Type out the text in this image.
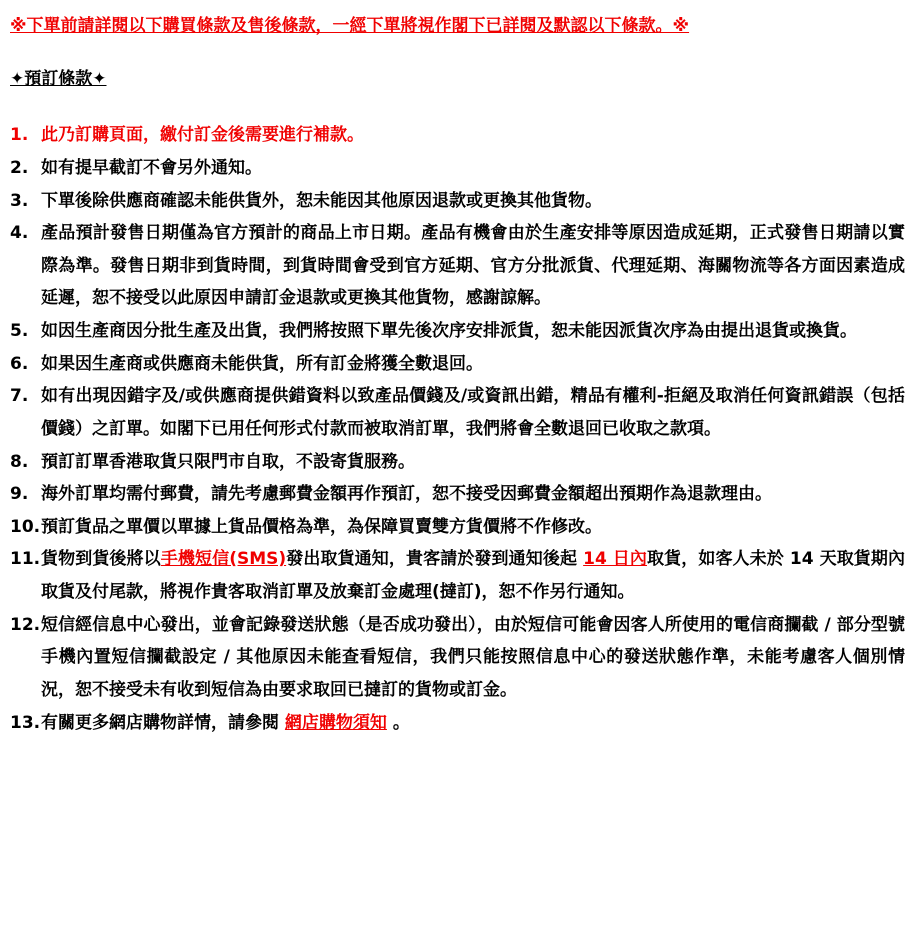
※下單前請詳閱以下購買條款及售後條款，一經下單將視作閣下已詳閱及默認以下條款。※

✦預訂條款✦

1. 此乃訂購頁面，繳付訂金後需要進行補款。
2. 如有提早截訂不會另外通知。
3. 下單後除供應商確認未能供貨外，恕未能因其他原因退款或更換其他貨物。
4. 產品預計發售日期僅為官方預計的商品上市日期。產品有機會由於生產安排等原因造成延期，正式發售日期請以實際為準。發售日期非到貨時間，到貨時間會受到官方延期、官方分批派貨、代理延期、海關物流等各方面因素造成延遲，恕不接受以此原因申請訂金退款或更換其他貨物，感謝諒解。
5. 如因生產商因分批生產及出貨，我們將按照下單先後次序安排派貨，恕未能因派貨次序為由提出退貨或換貨。
6. 如果因生產商或供應商未能供貨，所有訂金將獲全數退回。
7. 如有出現因錯字及/或供應商提供錯資料以致產品價錢及/或資訊出錯，精品有權利-拒絕及取消任何資訊錯誤（包括價錢）之訂單。如閣下已用任何形式付款而被取消訂單，我們將會全數退回已收取之款項。
8. 預訂訂單香港取貨只限門市自取，不設寄貨服務。
9. 海外訂單均需付郵費，請先考慮郵費金額再作預訂，恕不接受因郵費金額超出預期作為退款理由。
10. 預訂貨品之單價以單據上貨品價格為準，為保障買賣雙方貨價將不作修改。
11. 貨物到貨後將以手機短信(SMS)發出取貨通知，貴客請於發到通知後起 14 日內取貨，如客人未於 14 天取貨期內取貨及付尾款，將視作貴客取消訂單及放棄訂金處理(撻訂)，恕不作另行通知。
12. 短信經信息中心發出，並會記錄發送狀態（是否成功發出），由於短信可能會因客人所使用的電信商攔截 / 部分型號手機內置短信攔截設定 / 其他原因未能查看短信，我們只能按照信息中心的發送狀態作準，未能考慮客人個別情況，恕不接受未有收到短信為由要求取回已撻訂的貨物或訂金。
13. 有關更多網店購物詳情，請參閱 網店購物須知 。
